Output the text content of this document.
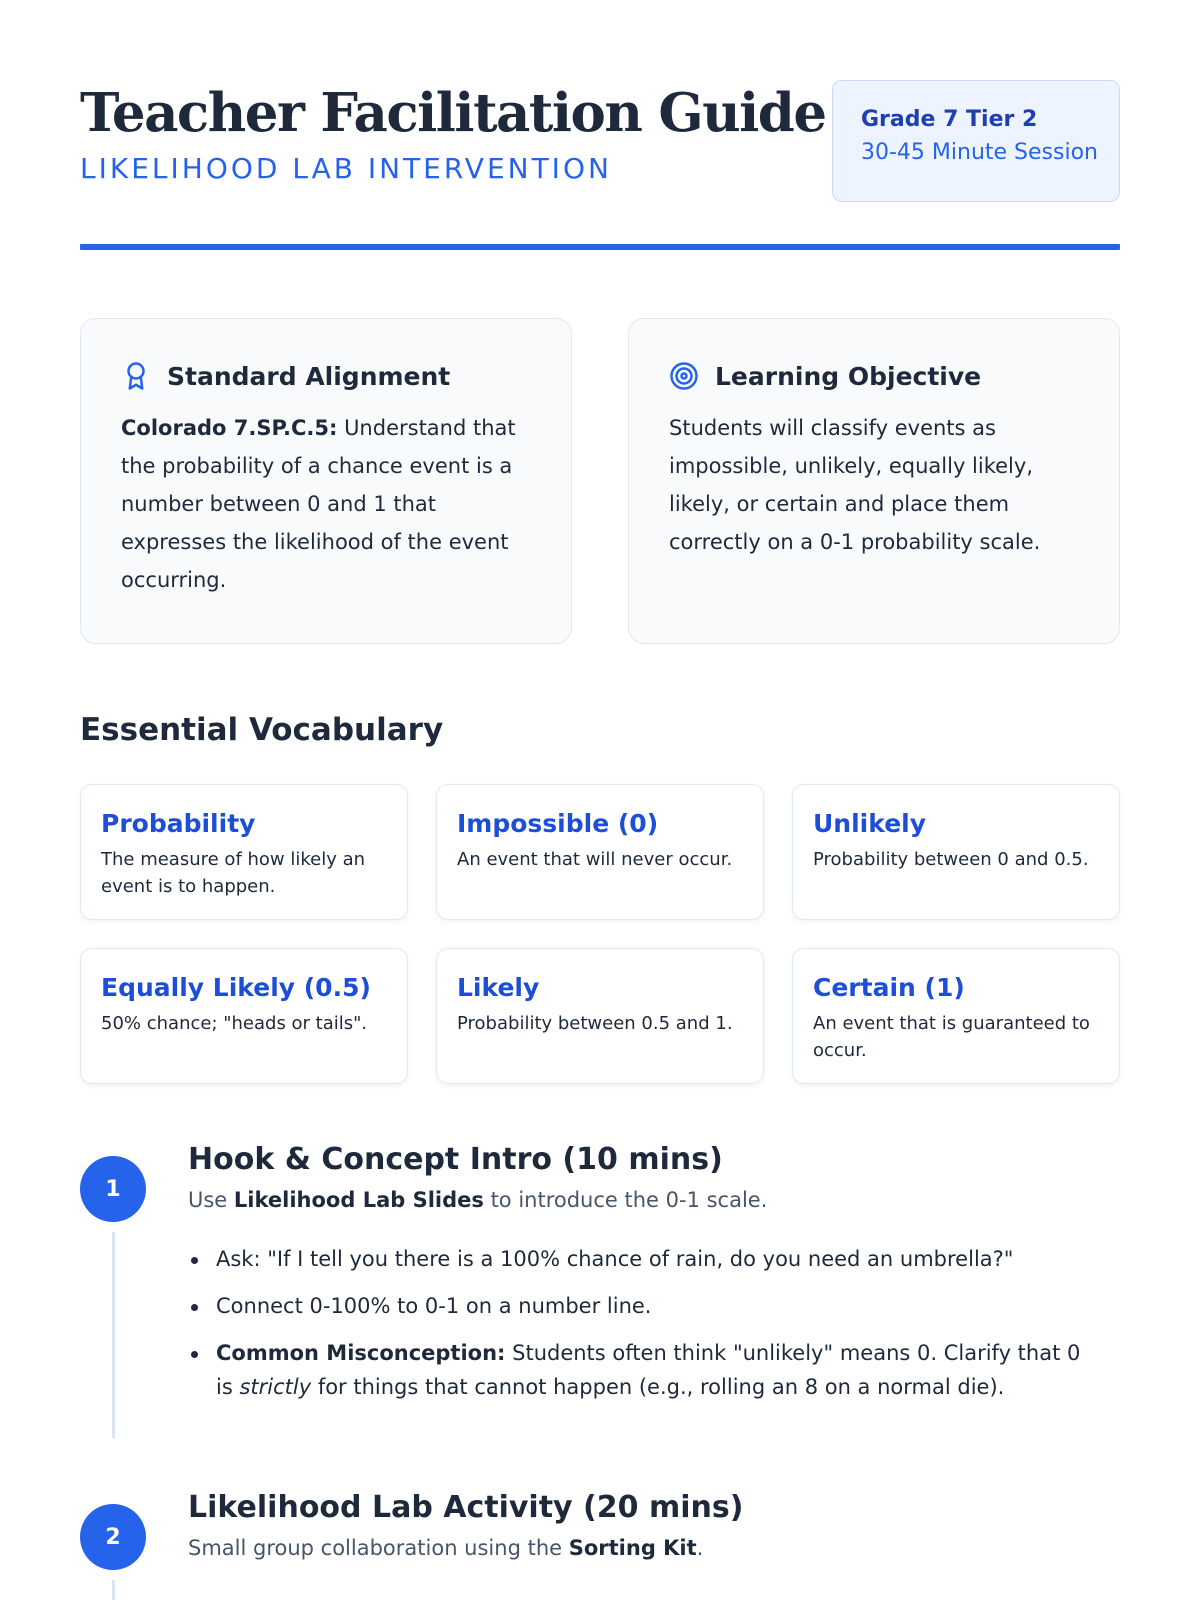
Teacher Facilitation Guide
LIKELIHOOD LAB INTERVENTION
Grade 7 Tier 2
30-45 Minute Session
Standard Alignment
Colorado 7.SP.C.5: Understand that the probability of a chance event is a number between 0 and 1 that expresses the likelihood of the event occurring.
Learning Objective
Students will classify events as impossible, unlikely, equally likely, likely, or certain and place them correctly on a 0-1 probability scale.
Essential Vocabulary
Probability
The measure of how likely an event is to happen.
Impossible (0)
An event that will never occur.
Unlikely
Probability between 0 and 0.5.
Equally Likely (0.5)
50% chance; "heads or tails".
Likely
Probability between 0.5 and 1.
Certain (1)
An event that is guaranteed to occur.
1
Hook & Concept Intro (10 mins)
Use Likelihood Lab Slides to introduce the 0-1 scale.
Ask: "If I tell you there is a 100% chance of rain, do you need an umbrella?"
Connect 0-100% to 0-1 on a number line.
Common Misconception: Students often think "unlikely" means 0. Clarify that 0 is strictly for things that cannot happen (e.g., rolling an 8 on a normal die).
2
Likelihood Lab Activity (20 mins)
Small group collaboration using the Sorting Kit.
